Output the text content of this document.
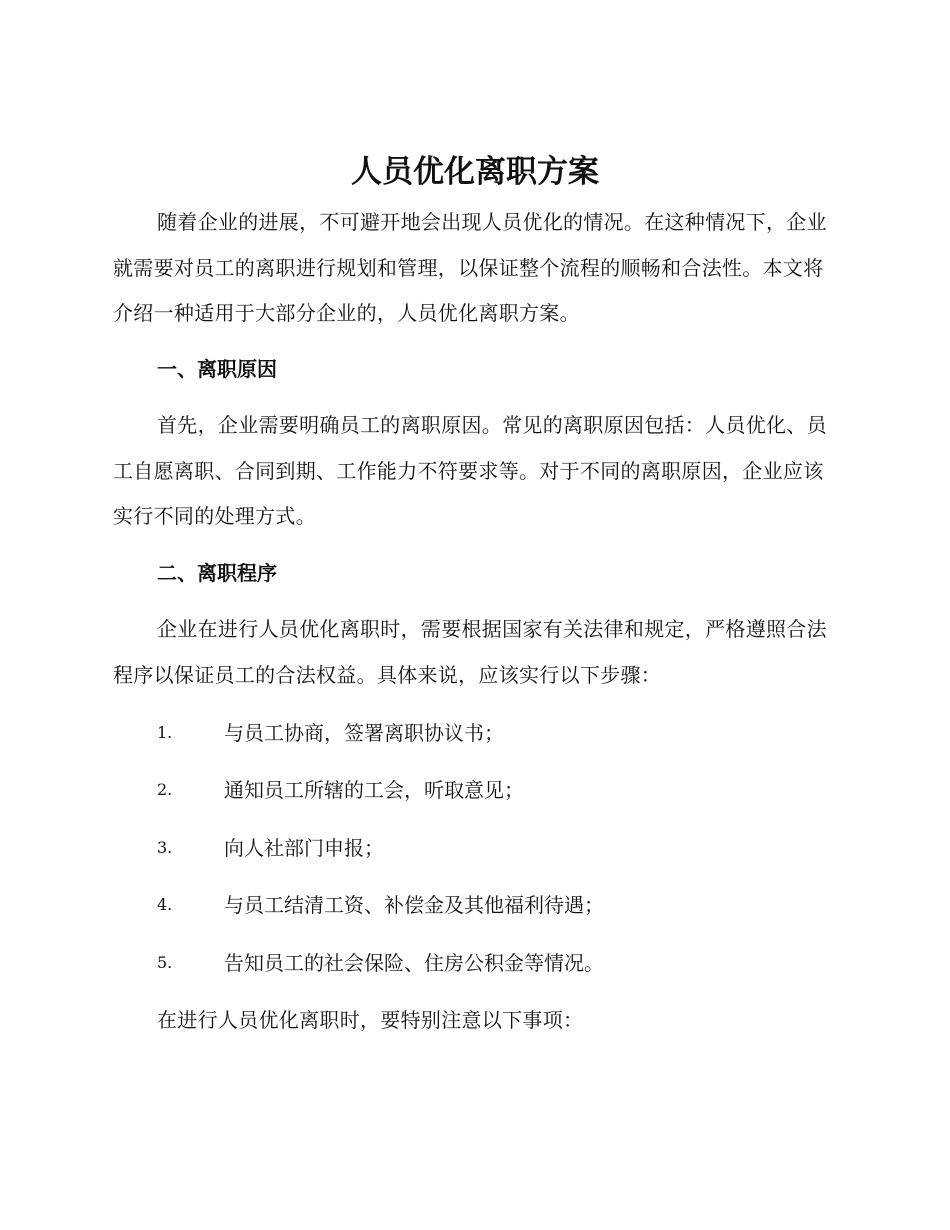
人员优化离职方案

随着企业的进展，不可避开地会出现人员优化的情况。在这种情况下，企业就需要对员工的离职进行规划和管理，以保证整个流程的顺畅和合法性。本文将介绍一种适用于大部分企业的，人员优化离职方案。

一、离职原因

首先，企业需要明确员工的离职原因。常见的离职原因包括：人员优化、员工自愿离职、合同到期、工作能力不符要求等。对于不同的离职原因，企业应该实行不同的处理方式。

二、离职程序

企业在进行人员优化离职时，需要根据国家有关法律和规定，严格遵照合法程序以保证员工的合法权益。具体来说，应该实行以下步骤：

1.	与员工协商，签署离职协议书；
2.	通知员工所辖的工会，听取意见；
3.	向人社部门申报；
4.	与员工结清工资、补偿金及其他福利待遇；
5.	告知员工的社会保险、住房公积金等情况。

在进行人员优化离职时，要特别注意以下事项：
